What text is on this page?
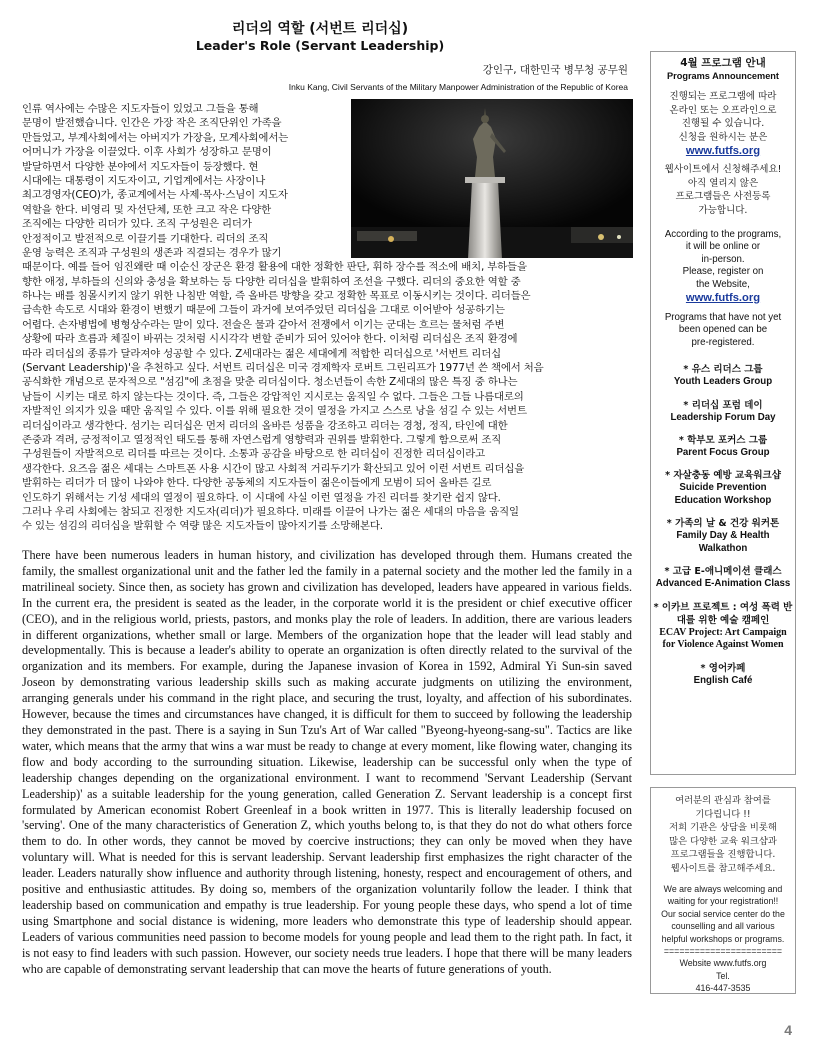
리더의 역할 (서번트 리더십)
Leader's Role (Servant Leadership)
강인구, 대한민국 병무청 공무원
Inku Kang, Civil Servants of the Military Manpower Administration of the Republic of Korea
인류 역사에는 수많은 지도자들이 있었고 그들을 통해
문명이 발전했습니다. 인간은 가장 작은 조직단위인 가족을
만들었고, 부계사회에서는 아버지가 가장을, 모계사회에서는
어머니가 가장을 이끌었다. 이후 사회가 성장하고 문명이
발달하면서 다양한 분야에서 지도자들이 등장했다. 현
시대에는 대통령이 지도자이고, 기업계에서는 사장이나
최고경영자(CEO)가, 종교계에서는 사제·목사·스님이 지도자
역할을 한다. 비영리 및 자선단체, 또한 크고 작은 다양한
조직에는 다양한 리더가 있다. 조직 구성원은 리더가
안정적이고 발전적으로 이끌기를 기대한다. 리더의 조직
운영 능력은 조직과 구성원의 생존과 직결되는 경우가 많기
때문이다. 예를 들어 임진왜란 때 이순신 장군은 환경 활용에 대한 정확한 판단, 휘하 장수를 적소에 배치, 부하들을
향한 애정, 부하들의 신의와 충성을 확보하는 등 다양한 리더십을 발휘하여 조선을 구했다. 리더의 중요한 역할 중
하나는 배를 침몰시키지 않기 위한 나침반 역할, 즉 올바른 방향을 갖고 정확한 목표로 이동시키는 것이다. 리더들은
급속한 속도로 시대와 환경이 변했기 때문에 그들이 과거에 보여주었던 리더십을 그대로 이어받아 성공하기는
어렵다. 손자병법에 병형상수라는 말이 있다. 전술은 물과 같아서 전쟁에서 이기는 군대는 흐르는 물처럼 주변
상황에 따라 흐름과 체질이 바뀌는 것처럼 시시각각 변할 준비가 되어 있어야 한다. 이처럼 리더십은 조직 환경에
따라 리더십의 종류가 달라져야 성공할 수 있다. Z세대라는 젊은 세대에게 적합한 리더십으로 '서번트 리더십
(Servant Leadership)'을 추천하고 싶다. 서번트 리더십은 미국 경제학자 로버트 그린리프가 1977년 쓴 책에서 처음
공식화한 개념으로 문자적으로 "섬김"에 초점을 맞춘 리더십이다. 청소년들이 속한 Z세대의 많은 특징 중 하나는
남들이 시키는 대로 하지 않는다는 것이다. 즉, 그들은 강압적인 지시로는 움직일 수 없다. 그들은 그들 나름대로의
자발적인 의지가 있을 때만 움직일 수 있다. 이를 위해 필요한 것이 열정을 가지고 스스로 낭을 섬길 수 있는 서번트
리더십이라고 생각한다. 섬기는 리더십은 먼저 리더의 올바른 성품을 강조하고 리더는 경청, 정직, 타인에 대한
존중과 격려, 긍정적이고 열정적인 태도를 통해 자연스럽게 영향력과 권위를 발휘한다. 그렇게 함으로써 조직
구성원들이 자발적으로 리더를 따르는 것이다. 소통과 공감을 바탕으로 한 리더십이 진정한 리더십이라고
생각한다. 요즈음 젊은 세대는 스마트폰 사용 시간이 많고 사회적 거리두기가 확산되고 있어 이런 서번트 리더십을
발휘하는 리더가 더 많이 나와야 한다. 다양한 공동체의 지도자들이 젊은이들에게 모범이 되어 올바른 길로
인도하기 위해서는 기성 세대의 열정이 필요하다. 이 시대에 사실 이런 열정을 가진 리더를 찾기란 쉽지 않다.
그러나 우리 사회에는 참되고 진정한 지도자(리더)가 필요하다. 미래를 이끌어 나가는 젊은 세대의 마음을 움직일
수 있는 섬김의 리더십을 발휘할 수 역량 많은 지도자들이 많아지기를 소망해본다.
There have been numerous leaders in human history, and civilization has developed through them. Humans created the family, the smallest organizational unit and the father led the family in a paternal society and the mother led the family in a matrilineal society. Since then, as society has grown and civilization has developed, leaders have appeared in various fields. In the current era, the president is seated as the leader, in the corporate world it is the president or chief executive officer (CEO), and in the religious world, priests, pastors, and monks play the role of leaders. In addition, there are various leaders in different organizations, whether small or large. Members of the organization hope that the leader will lead stably and developmentally. This is because a leader's ability to operate an organization is often directly related to the survival of the organization and its members. For example, during the Japanese invasion of Korea in 1592, Admiral Yi Sun-sin saved Joseon by demonstrating various leadership skills such as making accurate judgments on utilizing the environment, arranging generals under his command in the right place, and securing the trust, loyalty, and affection of his subordinates. However, because the times and circumstances have changed, it is difficult for them to succeed by following the leadership they demonstrated in the past. There is a saying in Sun Tzu's Art of War called "Byeong-hyeong-sang-su". Tactics are like water, which means that the army that wins a war must be ready to change at every moment, like flowing water, changing its flow and body according to the surrounding situation. Likewise, leadership can be successful only when the type of leadership changes depending on the organizational environment. I want to recommend 'Servant Leadership (Servant Leadership)' as a suitable leadership for the young generation, called Generation Z. Servant leadership is a concept first formulated by American economist Robert Greenleaf in a book written in 1977. This is literally leadership focused on 'serving'. One of the many characteristics of Generation Z, which youths belong to, is that they do not do what others force them to do. In other words, they cannot be moved by coercive instructions; they can only be moved when they have voluntary will. What is needed for this is servant leadership. Servant leadership first emphasizes the right character of the leader. Leaders naturally show influence and authority through listening, honesty, respect and encouragement of others, and positive and enthusiastic attitudes. By doing so, members of the organization voluntarily follow the leader. I think that leadership based on communication and empathy is true leadership. For young people these days, who spend a lot of time using Smartphone and social distance is widening, more leaders who demonstrate this type of leadership should appear. Leaders of various communities need passion to become models for young people and lead them to the right path. In fact, it is not easy to find leaders with such passion. However, our society needs true leaders. I hope that there will be many leaders who are capable of demonstrating servant leadership that can move the hearts of future generations of youth.
4월 프로그램 안내
Programs Announcement
진행되는 프로그램에 따라
온라인 또는 오프라인으로
진행될 수 있습니다.
신청을 원하시는 분은
www.futfs.org
웹사이트에서 신청해주세요!
아직 열리지 않은
프로그램들은 사전등록
가능합니다.
According to the programs,
it will be online or
in-person.
Please, register on
the Website,
www.futfs.org
Programs that have not yet
been opened can be
pre-registered.
* 유스 리더스 그룹
Youth Leaders Group
* 리더십 포럼 데이
Leadership Forum Day
* 학부모 포커스 그룹
Parent Focus Group
* 자살충동 예방 교육워크샵
Suicide Prevention Education Workshop
* 가족의 날 & 건강 워커톤
Family Day & Health Walkathon
* 고급 E-애니메이션 클래스
Advanced E-Animation Class
* 이카브 프로젝트 : 여성 폭력 반대를 위한 예술 캠페인
ECAV Project: Art Campaign for Violence Against Women
* 영어카페
English Café
여러분의 관심과 참여를
기다립니다 !!
저희 기관은 상담을 비롯해
많은 다양한 교육 워크샵과
프로그램들을 진행합니다.
웹사이트를 참고해주세요.
We are always welcoming and
waiting for your registration!!
Our social service center do the
counselling and all various
helpful workshops or programs.
=======================
Website www.futfs.org
Tel.
416-447-3535
4
